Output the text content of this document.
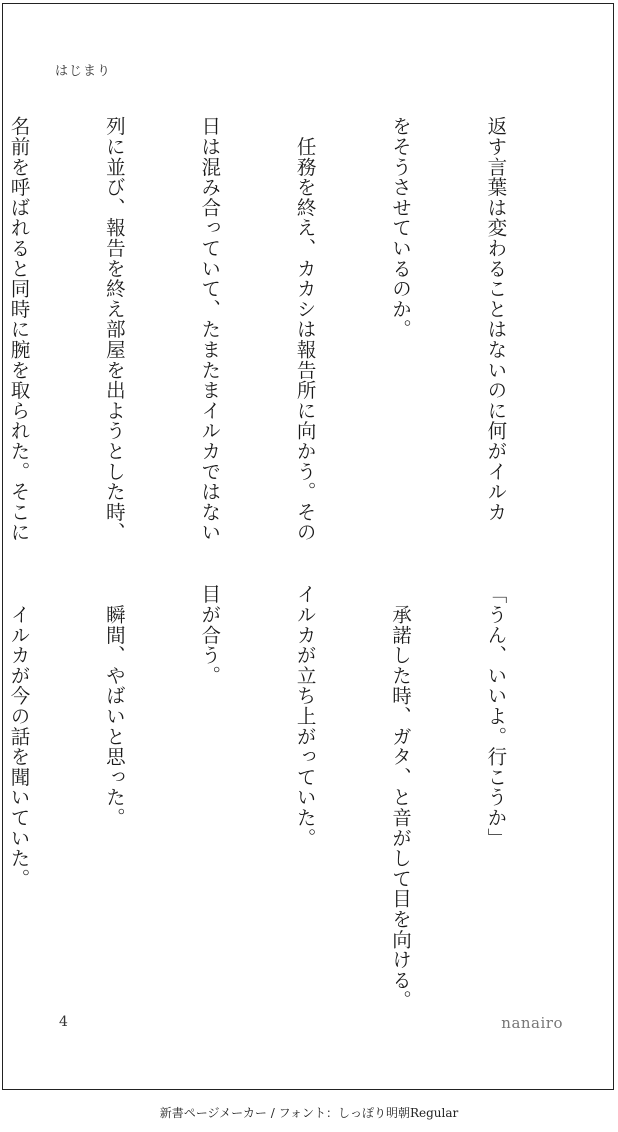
はじまり

返す言葉は変わることはないのに何がイルカ

をそうさせているのか。

　任務を終え、カカシは報告所に向かう。その

日は混み合っていて、たまたまイルカではない

列に並び、報告を終え部屋を出ようとした時、

名前を呼ばれると同時に腕を取られた。そこに

「うん、いいよ。行こうか」

　承諾した時、ガタ、と音がして目を向ける。

イルカが立ち上がっていた。

目が合う。

　瞬間、やばいと思った。

　イルカが今の話を聞いていた。

4	nanairo
新書ページメーカー / フォント：しっぽり明朝Regular
